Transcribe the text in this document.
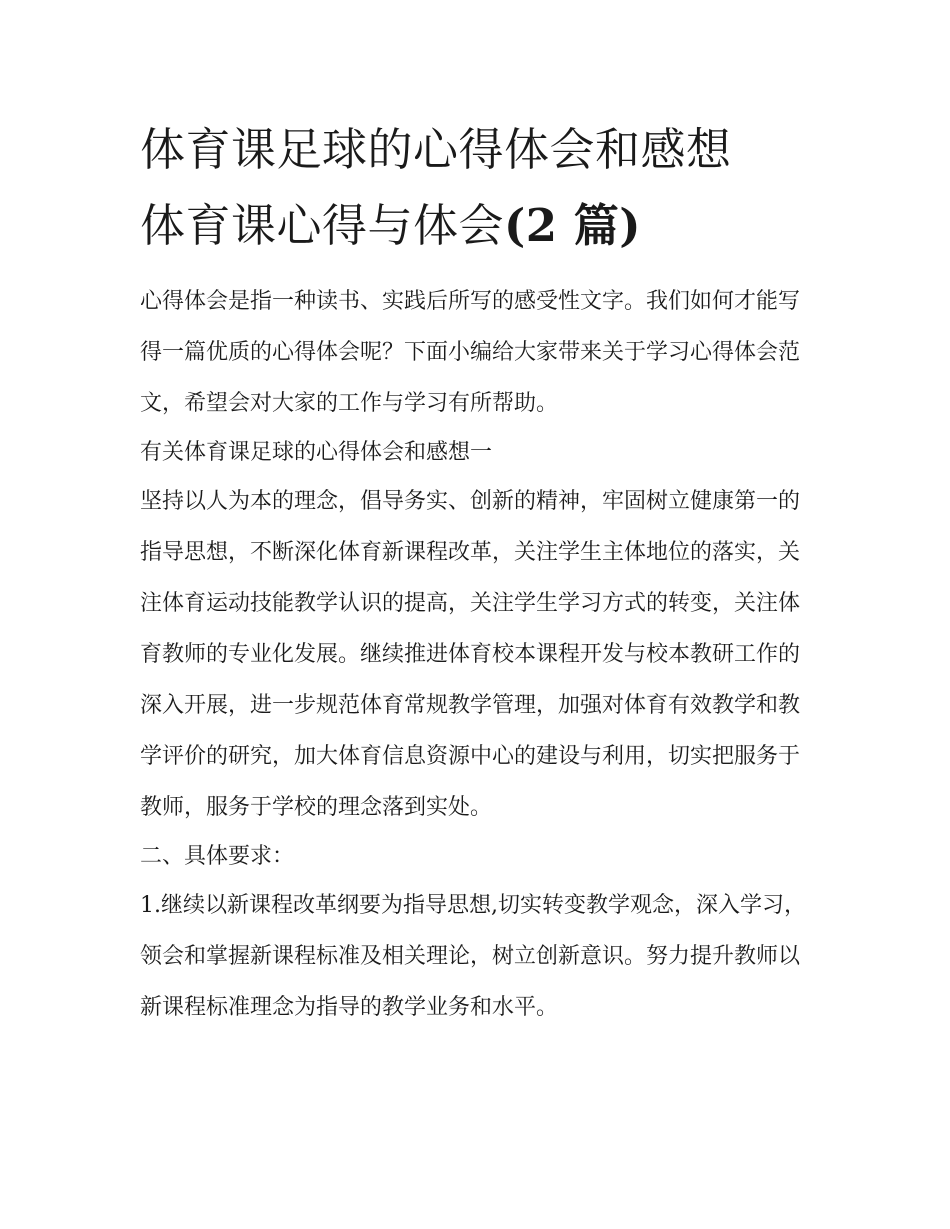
体育课足球的心得体会和感想
体育课心得与体会(2 篇)

心得体会是指一种读书、实践后所写的感受性文字。我们如何才能写得一篇优质的心得体会呢？下面小编给大家带来关于学习心得体会范文，希望会对大家的工作与学习有所帮助。

有关体育课足球的心得体会和感想一

坚持以人为本的理念，倡导务实、创新的精神，牢固树立健康第一的指导思想，不断深化体育新课程改革，关注学生主体地位的落实，关注体育运动技能教学认识的提高，关注学生学习方式的转变，关注体育教师的专业化发展。继续推进体育校本课程开发与校本教研工作的深入开展，进一步规范体育常规教学管理，加强对体育有效教学和教学评价的研究，加大体育信息资源中心的建设与利用，切实把服务于教师，服务于学校的理念落到实处。

二、具体要求：

1.继续以新课程改革纲要为指导思想,切实转变教学观念，深入学习，领会和掌握新课程标准及相关理论，树立创新意识。努力提升教师以新课程标准理念为指导的教学业务和水平。
